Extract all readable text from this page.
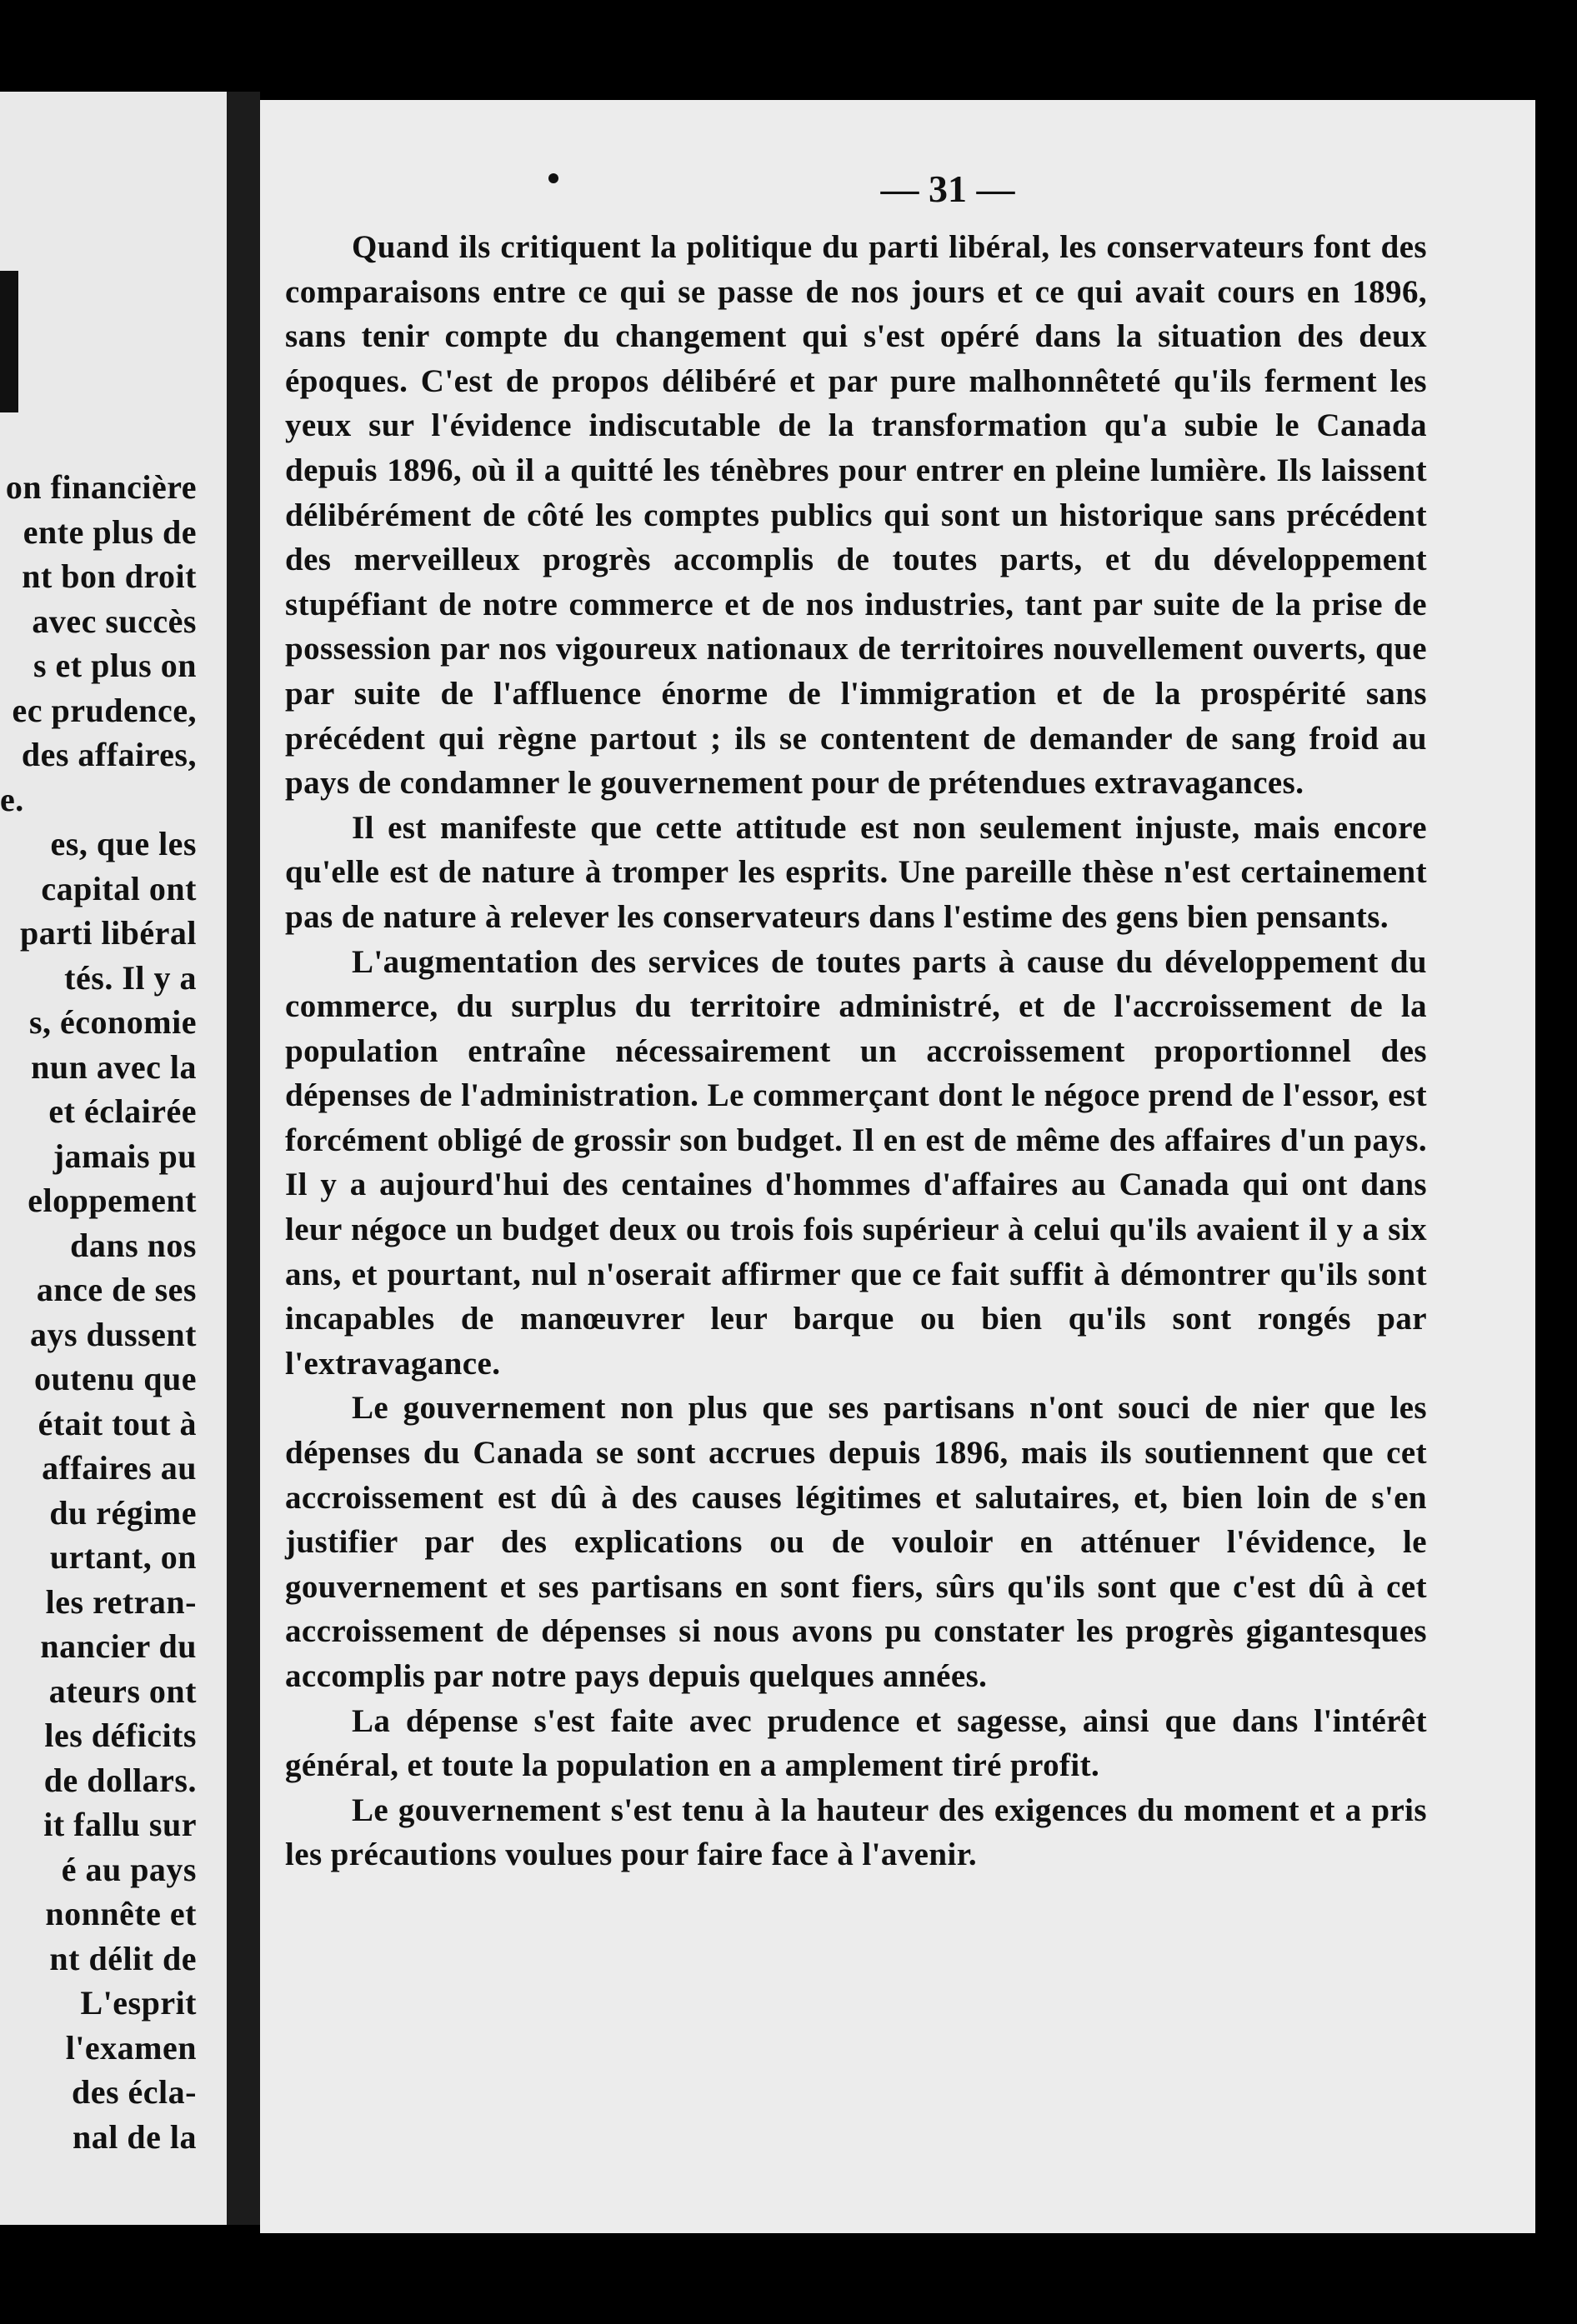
on financière
ente plus de
nt bon droit
avec succès
s et plus on
ec prudence,
des affaires,
e.
es, que les
capital ont
parti libéral
tés. Il y a
s, économie
nun avec la
et éclairée
jamais pu
eloppement
dans nos
ance de ses
ays dussent
outenu que
était tout à
affaires au
du régime
urtant, on
les retran-
nancier du
ateurs ont
les déficits
de dollars.
it fallu sur
é au pays
nonnête et
nt délit de
L'esprit
l'examen
des écla-
nal de la
— 31 —

Quand ils critiquent la politique du parti libéral, les conservateurs font des comparaisons entre ce qui se passe de nos jours et ce qui avait cours en 1896, sans tenir compte du changement qui s'est opéré dans la situation des deux époques. C'est de propos délibéré et par pure malhonnêteté qu'ils ferment les yeux sur l'évidence indiscutable de la transformation qu'a subie le Canada depuis 1896, où il a quitté les ténèbres pour entrer en pleine lumière. Ils laissent délibérément de côté les comptes publics qui sont un historique sans précédent des merveilleux progrès accomplis de toutes parts, et du développement stupéfiant de notre commerce et de nos industries, tant par suite de la prise de possession par nos vigoureux nationaux de territoires nouvellement ouverts, que par suite de l'affluence énorme de l'immigration et de la prospérité sans précédent qui règne partout ; ils se contentent de demander de sang froid au pays de condamner le gouvernement pour de prétendues extravagances.

Il est manifeste que cette attitude est non seulement injuste, mais encore qu'elle est de nature à tromper les esprits. Une pareille thèse n'est certainement pas de nature à relever les conservateurs dans l'estime des gens bien pensants.

L'augmentation des services de toutes parts à cause du développement du commerce, du surplus du territoire administré, et de l'accroissement de la population entraîne nécessairement un accroissement proportionnel des dépenses de l'administration. Le commerçant dont le négoce prend de l'essor, est forcément obligé de grossir son budget. Il en est de même des affaires d'un pays. Il y a aujourd'hui des centaines d'hommes d'affaires au Canada qui ont dans leur négoce un budget deux ou trois fois supérieur à celui qu'ils avaient il y a six ans, et pourtant, nul n'oserait affirmer que ce fait suffit à démontrer qu'ils sont incapables de manœuvrer leur barque ou bien qu'ils sont rongés par l'extravagance.

Le gouvernement non plus que ses partisans n'ont souci de nier que les dépenses du Canada se sont accrues depuis 1896, mais ils soutiennent que cet accroissement est dû à des causes légitimes et salutaires, et, bien loin de s'en justifier par des explications ou de vouloir en atténuer l'évidence, le gouvernement et ses partisans en sont fiers, sûrs qu'ils sont que c'est dû à cet accroissement de dépenses si nous avons pu constater les progrès gigantesques accomplis par notre pays depuis quelques années.

La dépense s'est faite avec prudence et sagesse, ainsi que dans l'intérêt général, et toute la population en a amplement tiré profit.

Le gouvernement s'est tenu à la hauteur des exigences du moment et a pris les précautions voulues pour faire face à l'avenir.
